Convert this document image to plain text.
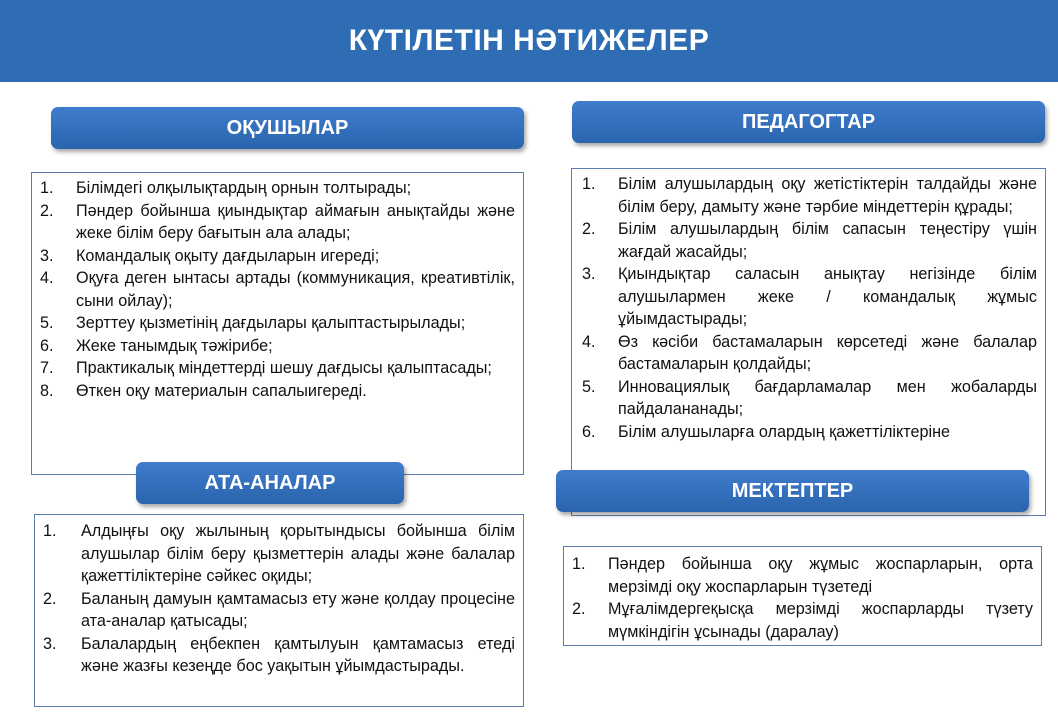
КҮТІЛЕТІН НӘТИЖЕЛЕР
ОҚУШЫЛАР
1.	Білімдегі олқылықтардың орнын толтырады;
2.	Пәндер бойынша қиындықтар аймағын анықтайды және жеке білім беру бағытын ала алады;
3.	Командалық оқыту дағдыларын игереді;
4.	Оқуға деген ынтасы артады (коммуникация, креативтілік, сыни ойлау);
5.	Зерттеу қызметінің дағдылары қалыптастырылады;
6.	Жеке танымдық тәжірибе;
7.	Практикалық міндеттерді шешу дағдысы қалыптасады;
8.	Өткен оқу материалын сапалыигереді.
ПЕДАГОГТАР
1.	Білім алушылардың оқу жетістіктерін талдайды және білім беру, дамыту және тәрбие міндеттерін құрады;
2.	Білім алушылардың білім сапасын теңестіру үшін жағдай жасайды;
3.	Қиындықтар саласын анықтау негізінде білім алушылармен жеке / командалық жұмыс ұйымдастырады;
4.	Өз кәсіби бастамаларын көрсетеді және балалар бастамаларын қолдайды;
5.	Инновациялық бағдарламалар мен жобаларды пайдалананады;
6.	Білім алушыларға олардың қажеттіліктеріне
АТА-АНАЛАР
1.	Алдыңғы оқу жылының қорытындысы бойынша білім алушылар білім беру қызметтерін алады және балалар қажеттіліктеріне сәйкес оқиды;
2.	Баланың дамуын қамтамасыз ету және қолдау процесіне ата-аналар қатысады;
3.	Балалардың еңбекпен қамтылуын қамтамасыз етеді және жазғы кезеңде бос уақытын ұйымдастырады.
МЕКТЕПТЕР
1.	Пәндер бойынша оқу жұмыс жоспарларын, орта мерзімді оқу жоспарларын түзетеді
2.	Мұғалімдергеқысқа мерзімді жоспарларды түзету мүмкіндігін ұсынады (даралау)
